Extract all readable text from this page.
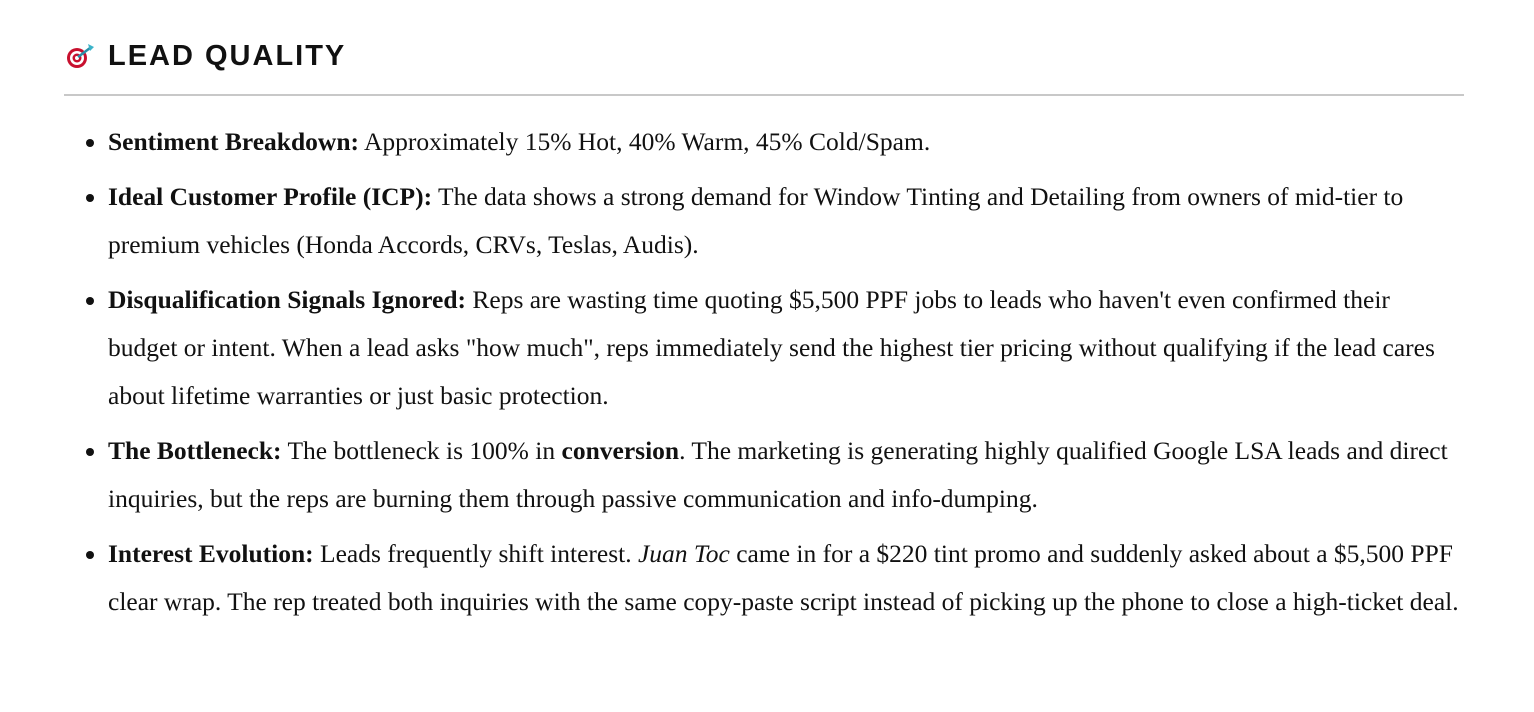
LEAD QUALITY
• Sentiment Breakdown: Approximately 15% Hot, 40% Warm, 45% Cold/Spam.
• Ideal Customer Profile (ICP): The data shows a strong demand for Window Tinting and Detailing from owners of mid-tier to premium vehicles (Honda Accords, CRVs, Teslas, Audis).
• Disqualification Signals Ignored: Reps are wasting time quoting $5,500 PPF jobs to leads who haven't even confirmed their budget or intent. When a lead asks "how much", reps immediately send the highest tier pricing without qualifying if the lead cares about lifetime warranties or just basic protection.
• The Bottleneck: The bottleneck is 100% in conversion. The marketing is generating highly qualified Google LSA leads and direct inquiries, but the reps are burning them through passive communication and info-dumping.
• Interest Evolution: Leads frequently shift interest. Juan Toc came in for a $220 tint promo and suddenly asked about a $5,500 PPF clear wrap. The rep treated both inquiries with the same copy-paste script instead of picking up the phone to close a high-ticket deal.
